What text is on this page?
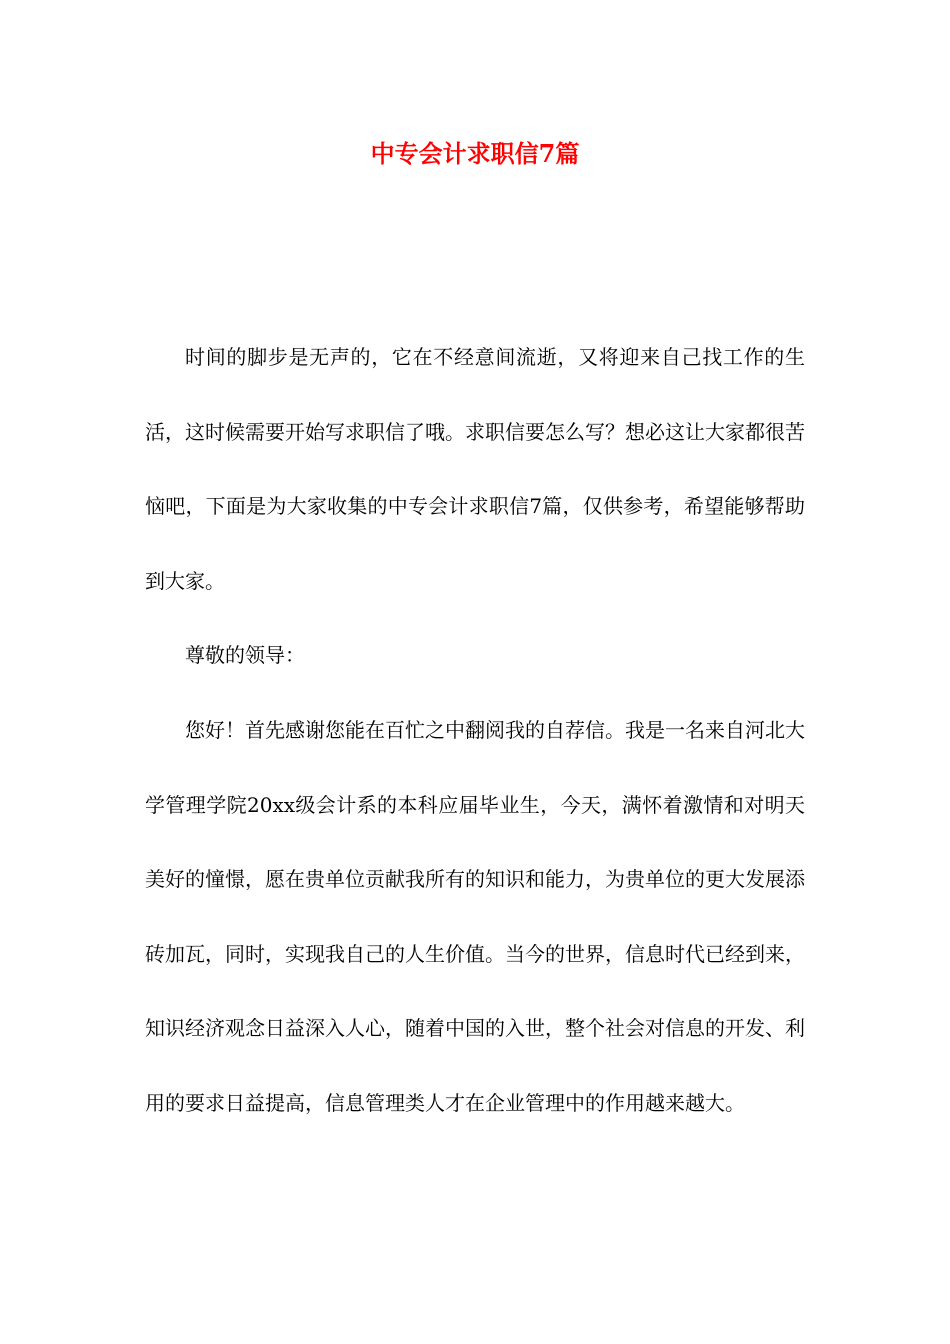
中专会计求职信7篇

时间的脚步是无声的，它在不经意间流逝，又将迎来自己找工作的生活，这时候需要开始写求职信了哦。求职信要怎么写？想必这让大家都很苦恼吧，下面是为大家收集的中专会计求职信7篇，仅供参考，希望能够帮助到大家。

尊敬的领导：

您好！首先感谢您能在百忙之中翻阅我的自荐信。我是一名来自河北大学管理学院20xx级会计系的本科应届毕业生，今天，满怀着激情和对明天美好的憧憬，愿在贵单位贡献我所有的知识和能力，为贵单位的更大发展添砖加瓦，同时，实现我自己的人生价值。当今的世界，信息时代已经到来，知识经济观念日益深入人心，随着中国的入世，整个社会对信息的开发、利用的要求日益提高，信息管理类人才在企业管理中的作用越来越大。
